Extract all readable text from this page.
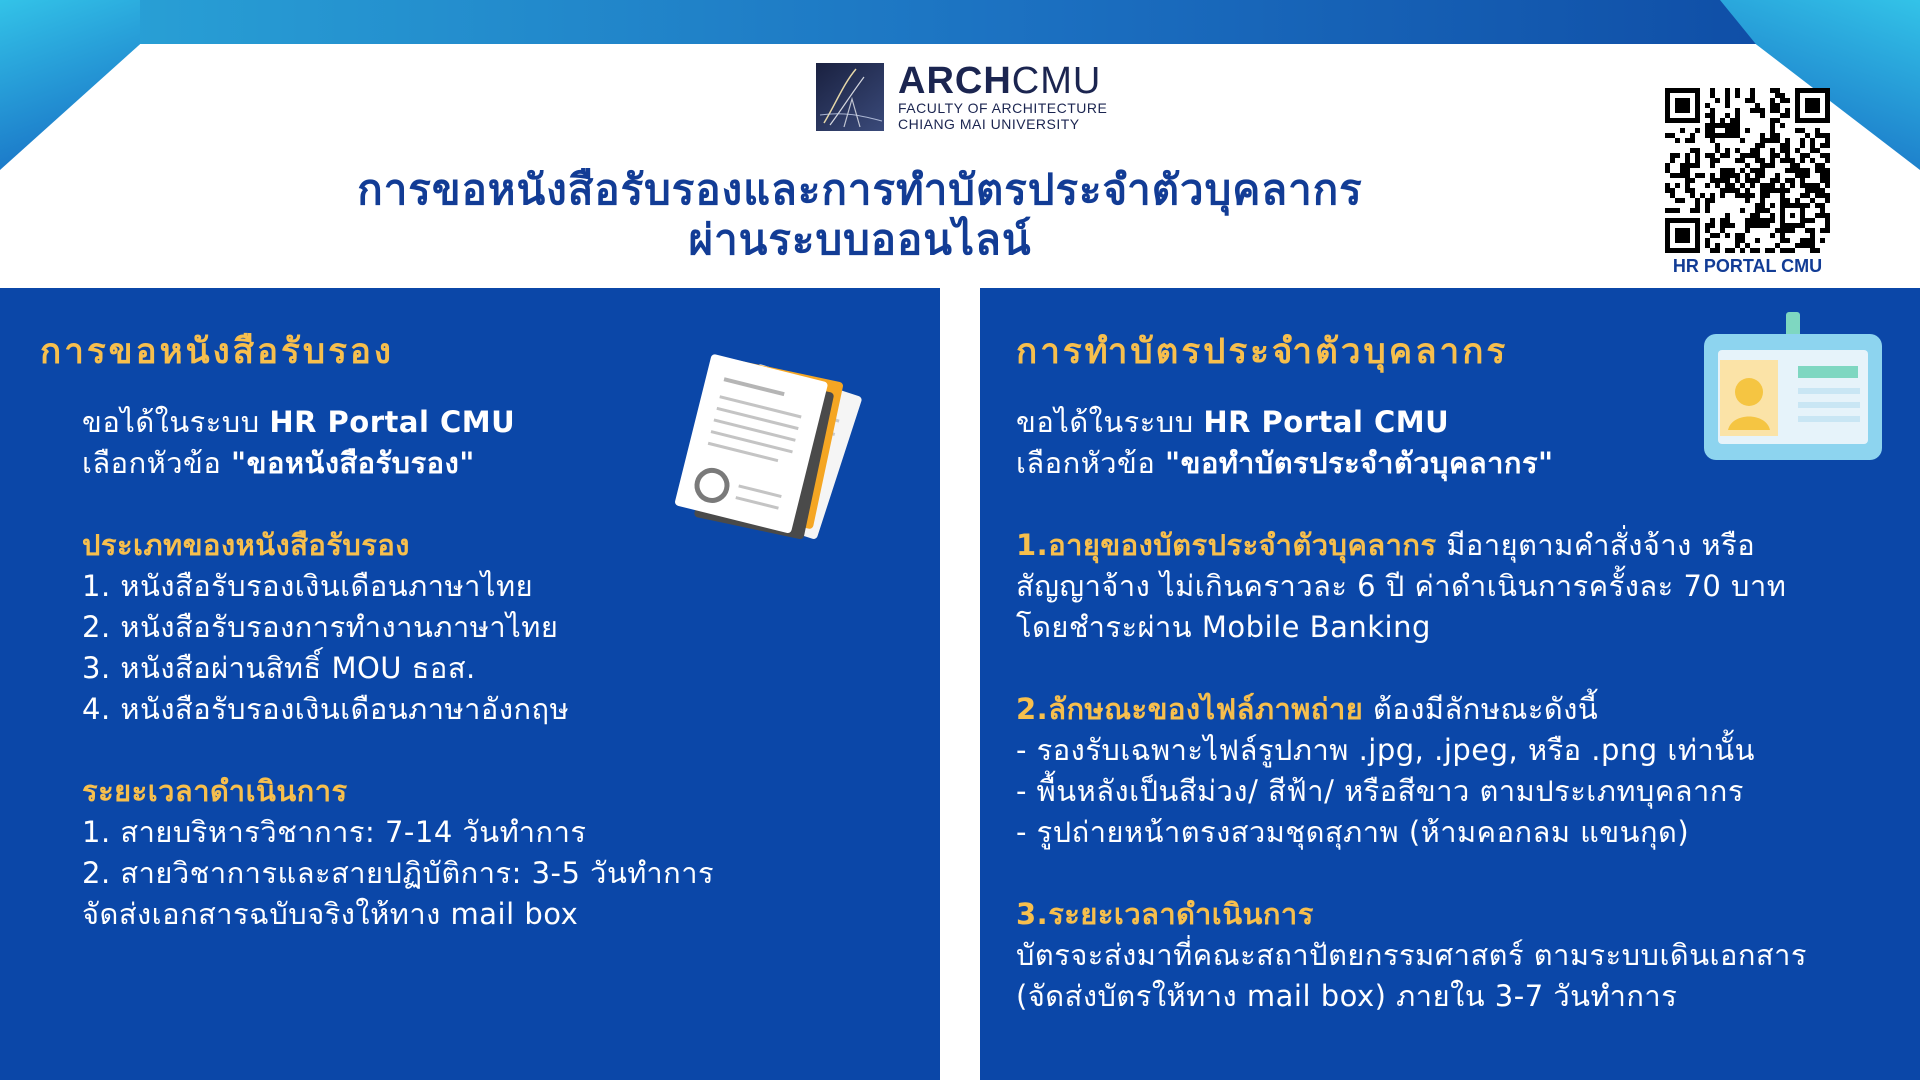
ARCHCMU
FACULTY OF ARCHITECTURE
CHIANG MAI UNIVERSITY
การขอหนังสือรับรองและการทำบัตรประจำตัวบุคลากร
ผ่านระบบออนไลน์
HR PORTAL CMU
การขอหนังสือรับรอง
ขอได้ในระบบ HR Portal CMU
เลือกหัวข้อ "ขอหนังสือรับรอง"
ประเภทของหนังสือรับรอง
1. หนังสือรับรองเงินเดือนภาษาไทย
2. หนังสือรับรองการทำงานภาษาไทย
3. หนังสือผ่านสิทธิ์ MOU ธอส.
4. หนังสือรับรองเงินเดือนภาษาอังกฤษ
ระยะเวลาดำเนินการ
1. สายบริหารวิชาการ: 7-14 วันทำการ
2. สายวิชาการและสายปฏิบัติการ: 3-5 วันทำการ
จัดส่งเอกสารฉบับจริงให้ทาง mail box
การทำบัตรประจำตัวบุคลากร
ขอได้ในระบบ HR Portal CMU
เลือกหัวข้อ "ขอทำบัตรประจำตัวบุคลากร"
1.อายุของบัตรประจำตัวบุคลากร มีอายุตามคำสั่งจ้าง หรือ
สัญญาจ้าง ไม่เกินคราวละ 6 ปี ค่าดำเนินการครั้งละ 70 บาท
โดยชำระผ่าน Mobile Banking
2.ลักษณะของไฟล์ภาพถ่าย ต้องมีลักษณะดังนี้
- รองรับเฉพาะไฟล์รูปภาพ .jpg, .jpeg, หรือ .png เท่านั้น
- พื้นหลังเป็นสีม่วง/ สีฟ้า/ หรือสีขาว ตามประเภทบุคลากร
- รูปถ่ายหน้าตรงสวมชุดสุภาพ (ห้ามคอกลม แขนกุด)
3.ระยะเวลาดำเนินการ
บัตรจะส่งมาที่คณะสถาปัตยกรรมศาสตร์ ตามระบบเดินเอกสาร
(จัดส่งบัตรให้ทาง mail box) ภายใน 3-7 วันทำการ
